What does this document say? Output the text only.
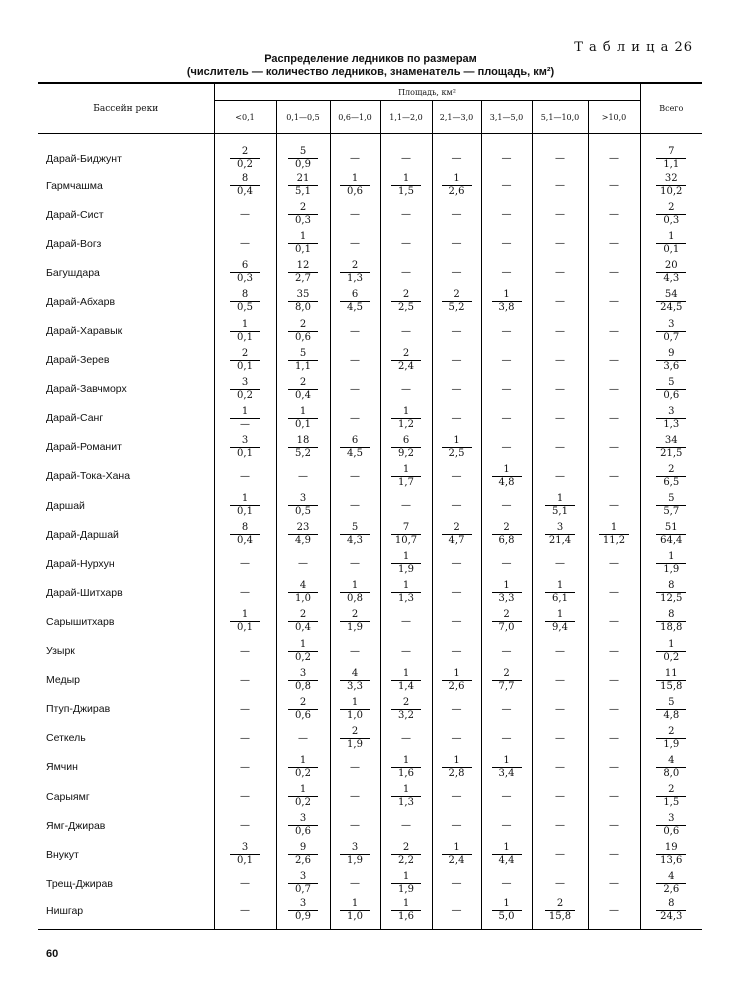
Т а б л и ц а 26
Распределение ледников по размерам
(числитель — количество ледников, знаменатель — площадь, км²)
Бассейн реки	Площадь, км²								Всего
	<0,1	0,1—0,5	0,6—1,0	1,1—2,0	2,1—3,0	3,1—5,0	5,1—10,0	>10,0	
Дарай-Биджунт	$\frac{2}{0,2}$	$\frac{5}{0,9}$	—	—	—	—	—	—	$\frac{7}{1,1}$

Гармчашма	$\frac{8}{0,4}$	$\frac{21}{5,1}$	$\frac{1}{0,6}$	$\frac{1}{1,5}$	$\frac{1}{2,6}$	—	—	—	$\frac{32}{10,2}$

Дарай-Сист	—	$\frac{2}{0,3}$	—	—	—	—	—	—	$\frac{2}{0,3}$

Дарай-Вогз	—	$\frac{1}{0,1}$	—	—	—	—	—	—	$\frac{1}{0,1}$

Багушдара	$\frac{6}{0,3}$	$\frac{12}{2,7}$	$\frac{2}{1,3}$	—	—	—	—	—	$\frac{20}{4,3}$

Дарай-Абхарв	$\frac{8}{0,5}$	$\frac{35}{8,0}$	$\frac{6}{4,5}$	$\frac{2}{2,5}$	$\frac{2}{5,2}$	$\frac{1}{3,8}$	—	—	$\frac{54}{24,5}$

Дарай-Харавык	$\frac{1}{0,1}$	$\frac{2}{0,6}$	—	—	—	—	—	—	$\frac{3}{0,7}$

Дарай-Зерев	$\frac{2}{0,1}$	$\frac{5}{1,1}$	—	$\frac{2}{2,4}$	—	—	—	—	$\frac{9}{3,6}$

Дарай-Завчморх	$\frac{3}{0,2}$	$\frac{2}{0,4}$	—	—	—	—	—	—	$\frac{5}{0,6}$

Дарай-Санг	$\frac{1}{—}$	$\frac{1}{0,1}$	—	$\frac{1}{1,2}$	—	—	—	—	$\frac{3}{1,3}$

Дарай-Романит	$\frac{3}{0,1}$	$\frac{18}{5,2}$	$\frac{6}{4,5}$	$\frac{6}{9,2}$	$\frac{1}{2,5}$	—	—	—	$\frac{34}{21,5}$

Дарай-Тока-Хана	—	—	—	$\frac{1}{1,7}$	—	$\frac{1}{4,8}$	—	—	$\frac{2}{6,5}$

Даршай	$\frac{1}{0,1}$	$\frac{3}{0,5}$	—	—	—	—	$\frac{1}{5,1}$	—	$\frac{5}{5,7}$

Дарай-Даршай	$\frac{8}{0,4}$	$\frac{23}{4,9}$	$\frac{5}{4,3}$	$\frac{7}{10,7}$	$\frac{2}{4,7}$	$\frac{2}{6,8}$	$\frac{3}{21,4}$	$\frac{1}{11,2}$	$\frac{51}{64,4}$

Дарай-Нурхун	—	—	—	$\frac{1}{1,9}$	—	—	—	—	$\frac{1}{1,9}$

Дарай-Шитхарв	—	$\frac{4}{1,0}$	$\frac{1}{0,8}$	$\frac{1}{1,3}$	—	$\frac{1}{3,3}$	$\frac{1}{6,1}$	—	$\frac{8}{12,5}$

Сарышитхарв	$\frac{1}{0,1}$	$\frac{2}{0,4}$	$\frac{2}{1,9}$	—	—	$\frac{2}{7,0}$	$\frac{1}{9,4}$	—	$\frac{8}{18,8}$

Узырк	—	$\frac{1}{0,2}$	—	—	—	—	—	—	$\frac{1}{0,2}$

Медыр	—	$\frac{3}{0,8}$	$\frac{4}{3,3}$	$\frac{1}{1,4}$	$\frac{1}{2,6}$	$\frac{2}{7,7}$	—	—	$\frac{11}{15,8}$

Птуп-Джирав	—	$\frac{2}{0,6}$	$\frac{1}{1,0}$	$\frac{2}{3,2}$	—	—	—	—	$\frac{5}{4,8}$

Сеткель	—	—	$\frac{2}{1,9}$	—	—	—	—	—	$\frac{2}{1,9}$

Ямчин	—	$\frac{1}{0,2}$	—	$\frac{1}{1,6}$	$\frac{1}{2,8}$	$\frac{1}{3,4}$	—	—	$\frac{4}{8,0}$

Сарыямг	—	$\frac{1}{0,2}$	—	$\frac{1}{1,3}$	—	—	—	—	$\frac{2}{1,5}$

Ямг-Джирав	—	$\frac{3}{0,6}$	—	—	—	—	—	—	$\frac{3}{0,6}$

Внукут	$\frac{3}{0,1}$	$\frac{9}{2,6}$	$\frac{3}{1,9}$	$\frac{2}{2,2}$	$\frac{1}{2,4}$	$\frac{1}{4,4}$	—	—	$\frac{19}{13,6}$

Трещ-Джирав	—	$\frac{3}{0,7}$	—	$\frac{1}{1,9}$	—	—	—	—	$\frac{4}{2,6}$

Нишгар	—	$\frac{3}{0,9}$	$\frac{1}{1,0}$	$\frac{1}{1,6}$	—	$\frac{1}{5,0}$	$\frac{2}{15,8}$	—	$\frac{8}{24,3}$
60
